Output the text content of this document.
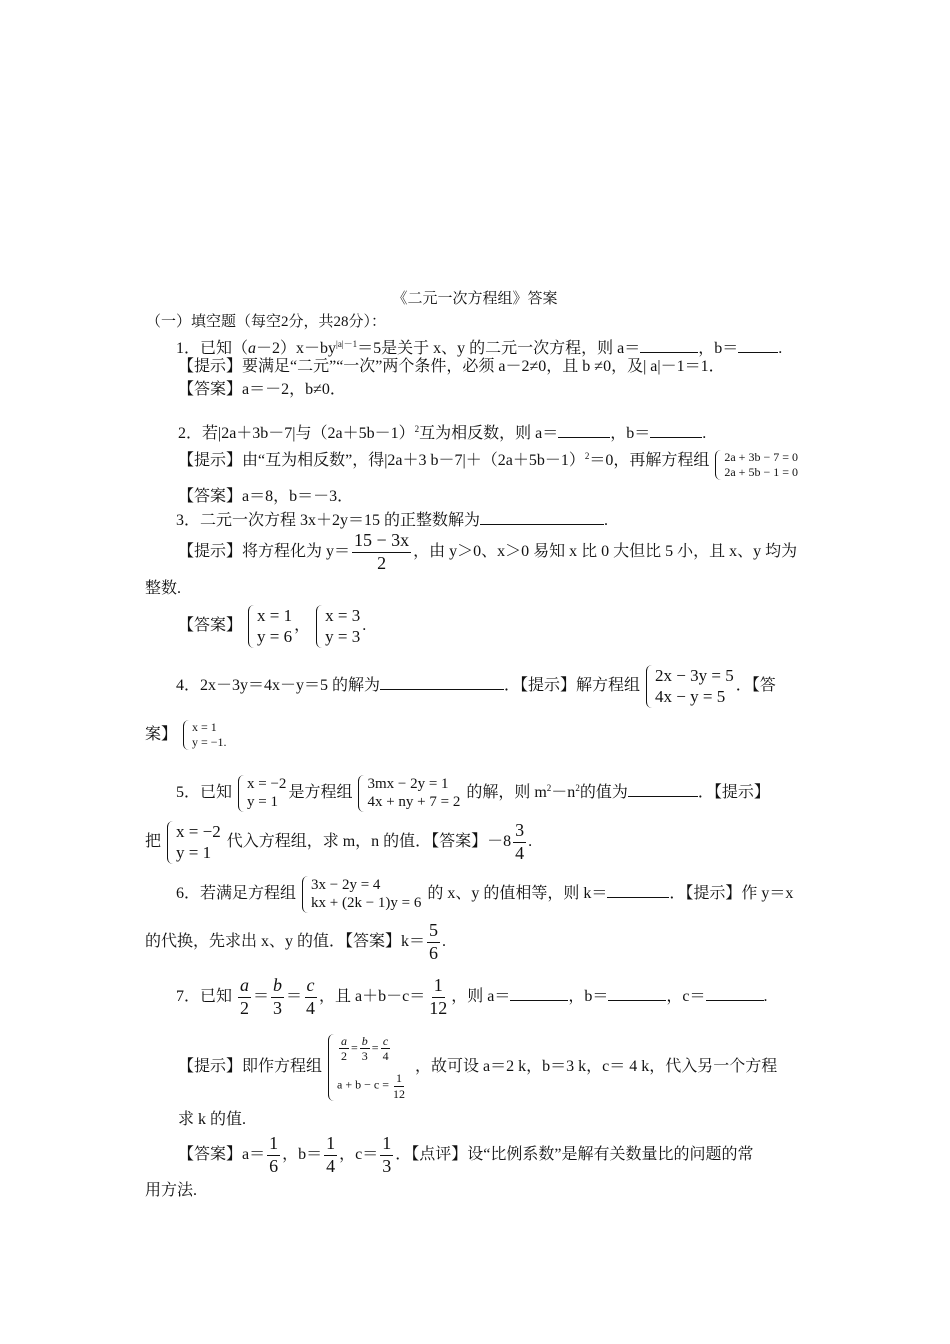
《二元一次方程组》答案
（一）填空题（每空2分，共28分）：
1．已知$(a-2)x-by^{|a|-1}=5$是关于 x、y 的二元一次方程，则 a＝	，b＝	.
【提示】要满足“二元”“一次”两个条件，必须 a－2≠0，且 b ≠0，及| a|－1＝1．
【答案】a＝－2，b≠0．
2．若|2a＋3b－7|与$(2a+5b-1)^2$互为相反数，则 a＝	，b＝	.
【提示】由“互为相反数”，得|2a＋3 $b-7|+(2a+5b-1)^2=0$，再解方程组 2a + 3b − 7 = 0
2a + 5b − 1 = 0
【答案】a＝8，b＝－3．
3．二元一次方程 3x＋2y＝15 的正整数解为	.
【提示】将方程化为 $y= \frac{15 - 3x}{2}$ ，由 y＞0、x＞0 易知 x 比 0 大但比 5 小，且 x、y 均为
整数.
【答案】
x = 1
y = 6
，
x = 3
y = 3
.
4．2x－3y＝4x－y＝5 的解为	．【提示】解方程组
2x − 3y = 5
4x − y = 5
．【答
案】 x = 1
y = −1.
5．已知
x = −2
y = 1
是方程组
3mx − 2y = 1
4x + ny + 7 = 2
的解，则 $m^2-n^2$的值为	．【提示】
把
x = −2
y = 1
代入方程组，求 m，n 的值．【答案】$-8 \frac{3}{4}$ .
6．若满足方程组
3x − 2y = 4
kx + (2k − 1)y = 6
的 x、y 的值相等，则 k＝	．【提示】作 y＝x
的代换，先求出 x、y 的值．【答案】$k= \frac{5}{6}$ .
7．已知 $\frac{a}{2} = \frac{b}{3} = \frac{c}{4}$ ，且 $a+b-c= \frac{1}{12}$ ，则 a＝	，b＝	，c＝	.
【提示】即作方程组
$\frac{a}{2} = \frac{b}{3} = \frac{c}{4}$
$a + b - c = \frac{1}{12}$
，故可设 a＝2 k，b＝3 k，c＝ 4 k，代入另一个方程
求 k 的值.
【答案】$a= \frac{1}{6}$ ，$b= \frac{1}{4}$ ，$c= \frac{1}{3}$ ．【点评】设“比例系数”是解有关数量比的问题的常
用方法.
